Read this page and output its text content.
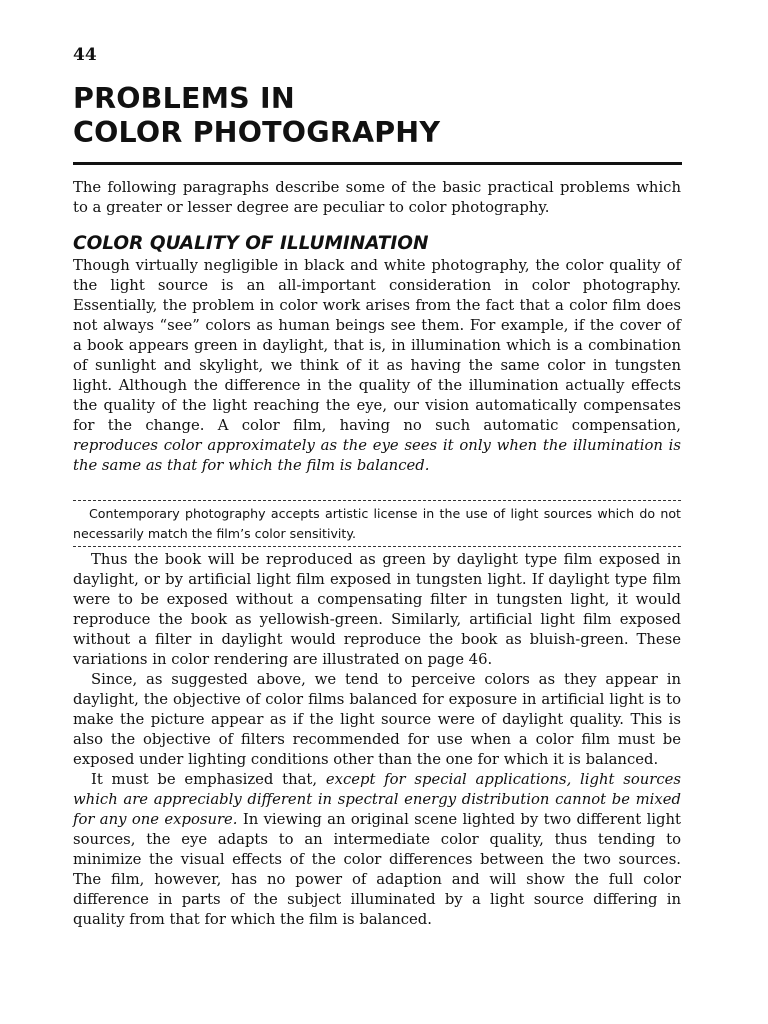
44
PROBLEMS IN
COLOR PHOTOGRAPHY

The following paragraphs describe some of the basic practical problems which to a greater or lesser degree are peculiar to color photography.

COLOR QUALITY OF ILLUMINATION

Though virtually negligible in black and white photography, the color quality of the light source is an all-important consideration in color photography. Essentially, the problem in color work arises from the fact that a color film does not always “see” colors as human beings see them. For example, if the cover of a book appears green in daylight, that is, in illumination which is a combination of sunlight and skylight, we think of it as having the same color in tungsten light. Although the difference in the quality of the illumination actually effects the quality of the light reaching the eye, our vision automatically compensates for the change. A color film, having no such automatic compensation, reproduces color approximately as the eye sees it only when the illumination is the same as that for which the film is balanced.

Contemporary photography accepts artistic license in the use of light sources which do not necessarily match the film’s color sensitivity.

Thus the book will be reproduced as green by daylight type film exposed in daylight, or by artificial light film exposed in tungsten light. If daylight type film were to be exposed without a compensating filter in tungsten light, it would reproduce the book as yellowish-green. Similarly, artificial light film exposed without a filter in daylight would reproduce the book as bluish-green. These variations in color rendering are illustrated on page 46.

Since, as suggested above, we tend to perceive colors as they appear in daylight, the objective of color films balanced for exposure in artificial light is to make the picture appear as if the light source were of daylight quality. This is also the objective of filters recommended for use when a color film must be exposed under lighting conditions other than the one for which it is balanced.

It must be emphasized that, except for special applications, light sources which are appreciably different in spectral energy distribution cannot be mixed for any one exposure. In viewing an original scene lighted by two different light sources, the eye adapts to an intermediate color quality, thus tending to minimize the visual effects of the color differences between the two sources. The film, however, has no power of adaption and will show the full color difference in parts of the subject illuminated by a light source differing in quality from that for which the film is balanced.
